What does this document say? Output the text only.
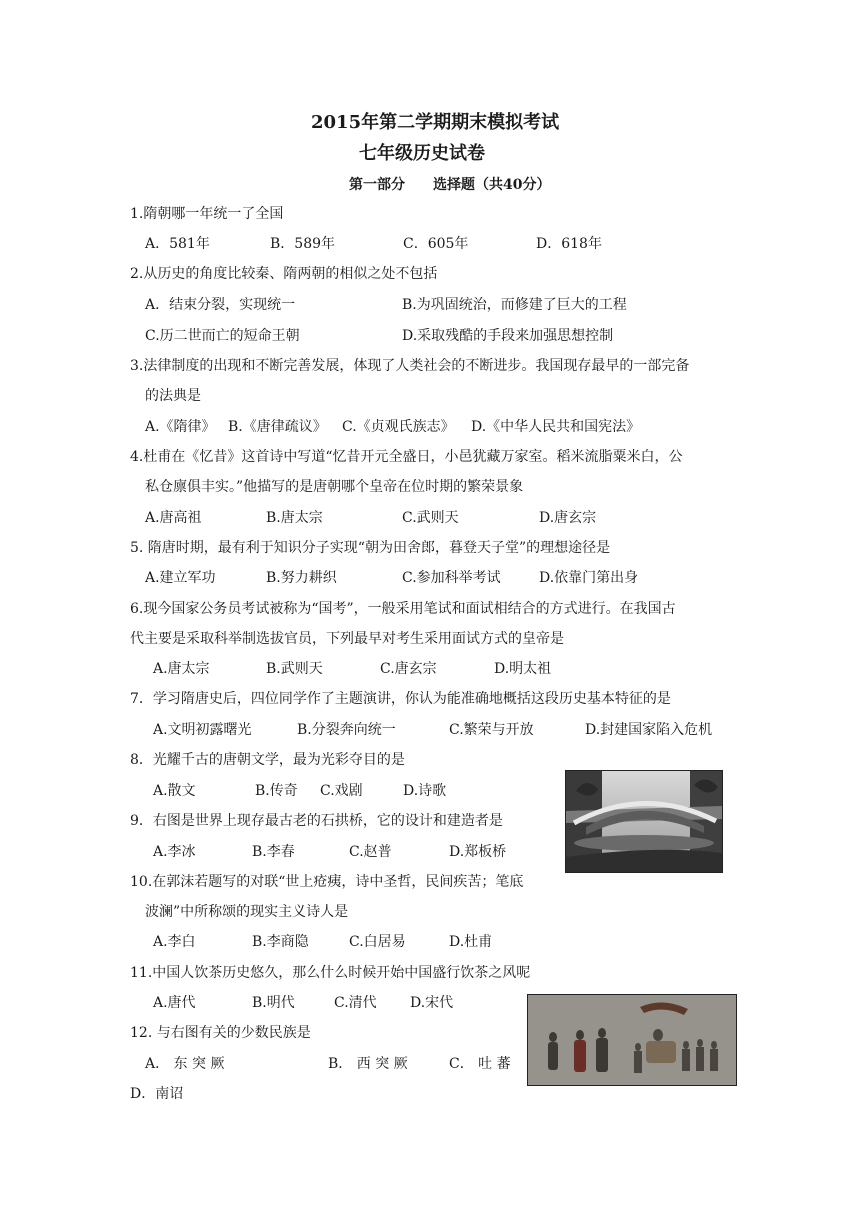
2015年第二学期期末模拟考试
七年级历史试卷
第一部分　　选择题（共40分）
1.隋朝哪一年统一了全国
A．581年	B．589年	C．605年	D．618年
2.从历史的角度比较秦、隋两朝的相似之处不包括
A．结束分裂，实现统一	B.为巩固统治，而修建了巨大的工程
C.历二世而亡的短命王朝	D.采取残酷的手段来加强思想控制
3.法律制度的出现和不断完善发展，体现了人类社会的不断进步。我国现存最早的一部完备
的法典是
A.《隋律》 B.《唐律疏议》 C.《贞观氏族志》 D.《中华人民共和国宪法》
4.杜甫在《忆昔》这首诗中写道“忆昔开元全盛日，小邑犹藏万家室。稻米流脂粟米白，公
私仓廪俱丰实。”他描写的是唐朝哪个皇帝在位时期的繁荣景象
A.唐高祖	B.唐太宗	C.武则天	D.唐玄宗
5. 隋唐时期，最有利于知识分子实现“朝为田舍郎，暮登天子堂”的理想途径是
A.建立军功	B.努力耕织	C.参加科举考试	D.依靠门第出身
6.现今国家公务员考试被称为“国考”，一般采用笔试和面试相结合的方式进行。在我国古
代主要是采取科举制选拔官员，下列最早对考生采用面试方式的皇帝是
A.唐太宗	B.武则天	C.唐玄宗	D.明太祖
7．学习隋唐史后，四位同学作了主题演讲，你认为能准确地概括这段历史基本特征的是
A.文明初露曙光	B.分裂奔向统一	C.繁荣与开放	D.封建国家陷入危机
8．光耀千古的唐朝文学，最为光彩夺目的是
A.散文	B.传奇 C.戏剧	D.诗歌
9．右图是世界上现存最古老的石拱桥，它的设计和建造者是
A.李冰	B.李春	C.赵普	D.郑板桥
10.在郭沫若题写的对联“世上疮痍，诗中圣哲，民间疾苦；笔底
波澜”中所称颂的现实主义诗人是
A.李白	B.李商隐	C.白居易	D.杜甫
11.中国人饮茶历史悠久，那么什么时候开始中国盛行饮茶之风呢
A.唐代	B.明代	C.清代 D.宋代
12. 与右图有关的少数民族是
A． 东 突 厥	B． 西 突 厥	C． 吐 蕃
D．南诏
